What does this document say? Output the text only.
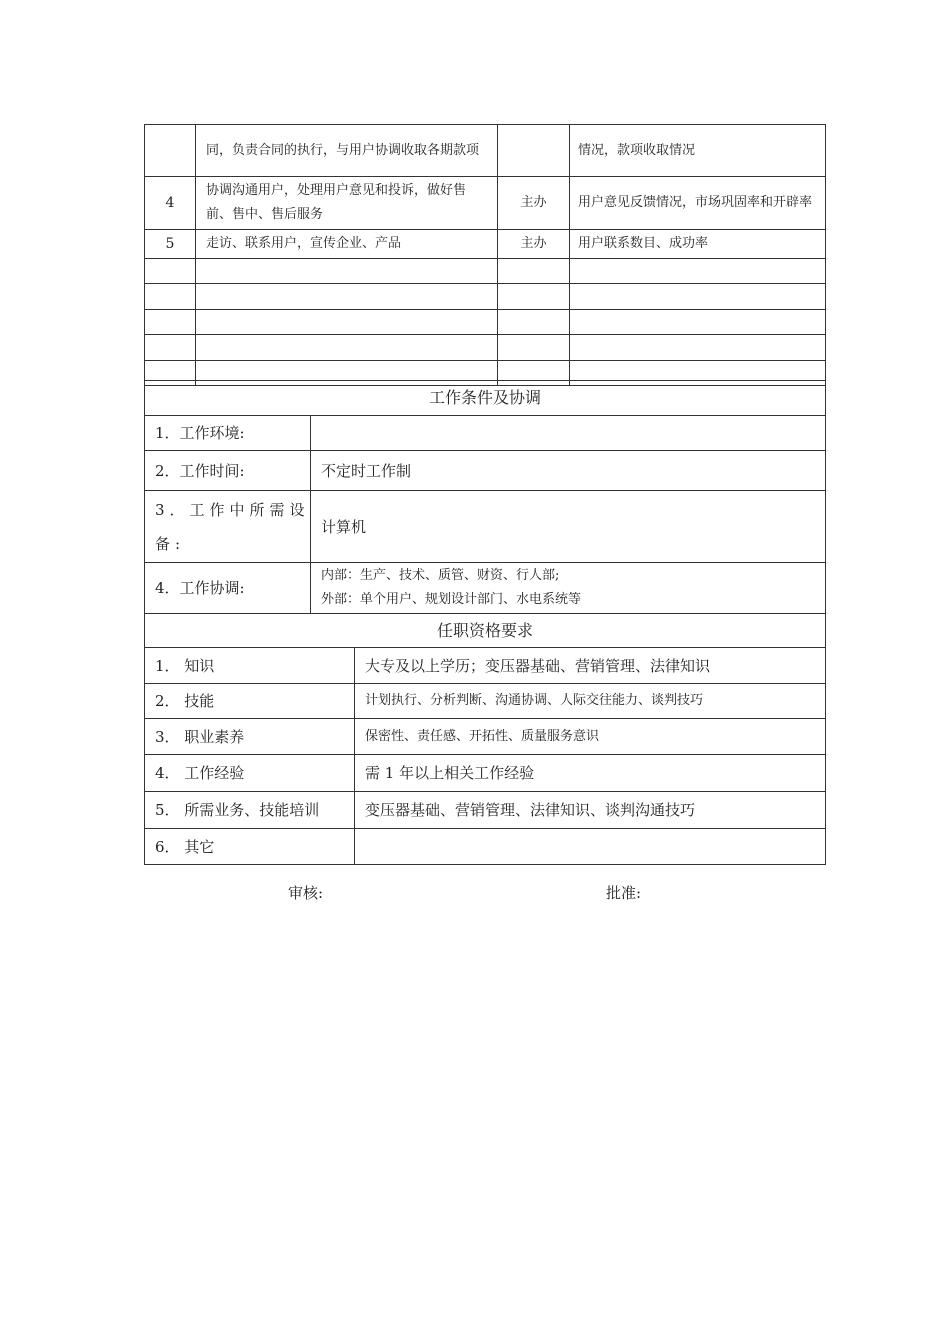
	同，负责合同的执行，与用户协调收取各期款项		情况，款项收取情况
4	协调沟通用户，处理用户意见和投诉，做好售前、售中、售后服务	主办	用户意见反馈情况，市场巩固率和开辟率
5	走访、联系用户，宣传企业、产品	主办	用户联系数目、成功率

工作条件及协调	
1．工作环境:	
2．工作时间:	不定时工作制
3．工作中所需设备:	计算机
4．工作协调:	内部：生产、技术、质管、财资、行人部;
外部：单个用户、规划设计部门、水电系统等
任职资格要求	
1． 知识	大专及以上学历；变压器基础、营销管理、法律知识
2． 技能	计划执行、分析判断、沟通协调、人际交往能力、谈判技巧
3． 职业素养	保密性、责任感、开拓性、质量服务意识
4． 工作经验	需 1 年以上相关工作经验
5． 所需业务、技能培训	变压器基础、营销管理、法律知识、谈判沟通技巧
6． 其它	
审核:	批准:
